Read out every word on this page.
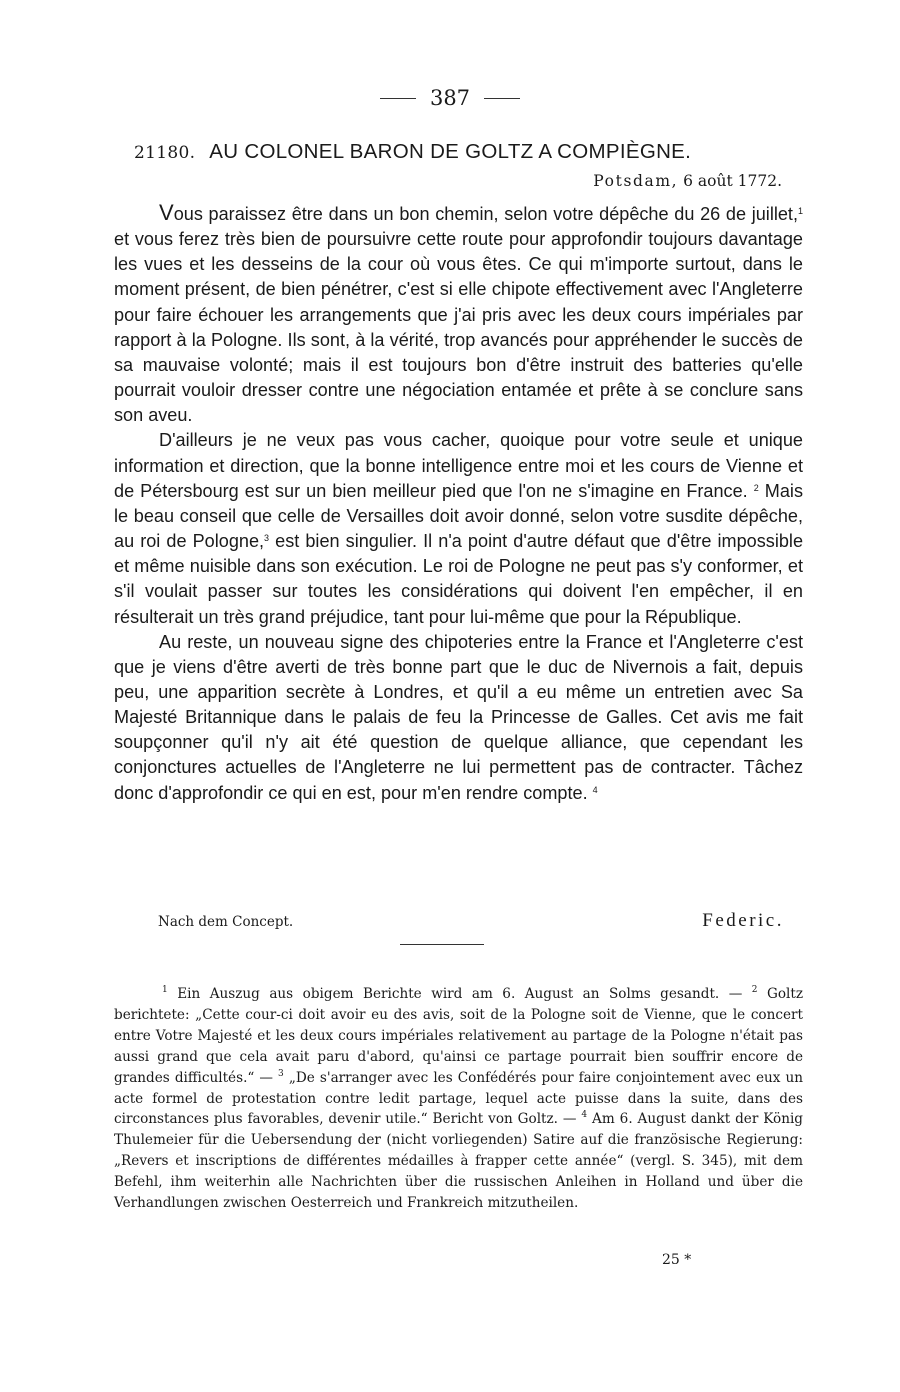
387
21180. AU COLONEL BARON DE GOLTZ A COMPIÈGNE.
Potsdam, 6 août 1772.

Vous paraissez être dans un bon chemin, selon votre dépêche du 26 de juillet,$^1$ et vous ferez très bien de poursuivre cette route pour approfondir toujours davantage les vues et les desseins de la cour où vous êtes. Ce qui m'importe surtout, dans le moment présent, de bien pénétrer, c'est si elle chipote effectivement avec l'Angleterre pour faire échouer les arrangements que j'ai pris avec les deux cours impériales par rapport à la Pologne. Ils sont, à la vérité, trop avancés pour appréhender le succès de sa mauvaise volonté; mais il est toujours bon d'être instruit des batteries qu'elle pourrait vouloir dresser contre une négociation entamée et prête à se conclure sans son aveu.

D'ailleurs je ne veux pas vous cacher, quoique pour votre seule et unique information et direction, que la bonne intelligence entre moi et les cours de Vienne et de Pétersbourg est sur un bien meilleur pied que l'on ne s'imagine en France. $^2$ Mais le beau conseil que celle de Versailles doit avoir donné, selon votre susdite dépêche, au roi de Pologne,$^3$ est bien singulier. Il n'a point d'autre défaut que d'être impossible et même nuisible dans son exécution. Le roi de Pologne ne peut pas s'y conformer, et s'il voulait passer sur toutes les considérations qui doivent l'en empêcher, il en résulterait un très grand préjudice, tant pour lui-même que pour la République.

Au reste, un nouveau signe des chipoteries entre la France et l'Angleterre c'est que je viens d'être averti de très bonne part que le duc de Nivernois a fait, depuis peu, une apparition secrète à Londres, et qu'il a eu même un entretien avec Sa Majesté Britannique dans le palais de feu la Princesse de Galles. Cet avis me fait soupçonner qu'il n'y ait été question de quelque alliance, que cependant les conjonctures actuelles de l'Angleterre ne lui permettent pas de contracter. Tâchez donc d'approfondir ce qui en est, pour m'en rendre compte. $^4$

Nach dem Concept.	Federic.

$^1$ Ein Auszug aus obigem Berichte wird am 6. August an Solms gesandt. — $^2$ Goltz berichtete: „Cette cour-ci doit avoir eu des avis, soit de la Pologne soit de Vienne, que le concert entre Votre Majesté et les deux cours impériales relativement au partage de la Pologne n'était pas aussi grand que cela avait paru d'abord, qu'ainsi ce partage pourrait bien souffrir encore de grandes difficultés.“ — $^3$ „De s'arranger avec les Confédérés pour faire conjointement avec eux un acte formel de protestation contre ledit partage, lequel acte puisse dans la suite, dans des circonstances plus favorables, devenir utile.“ Bericht von Goltz. — $^4$ Am 6. August dankt der König Thulemeier für die Uebersendung der (nicht vorliegenden) Satire auf die französische Regierung: „Revers et inscriptions de différentes médailles à frapper cette année“ (vergl. S. 345), mit dem Befehl, ihm weiterhin alle Nachrichten über die russischen Anleihen in Holland und über die Verhandlungen zwischen Oesterreich und Frankreich mitzutheilen.

25 *
